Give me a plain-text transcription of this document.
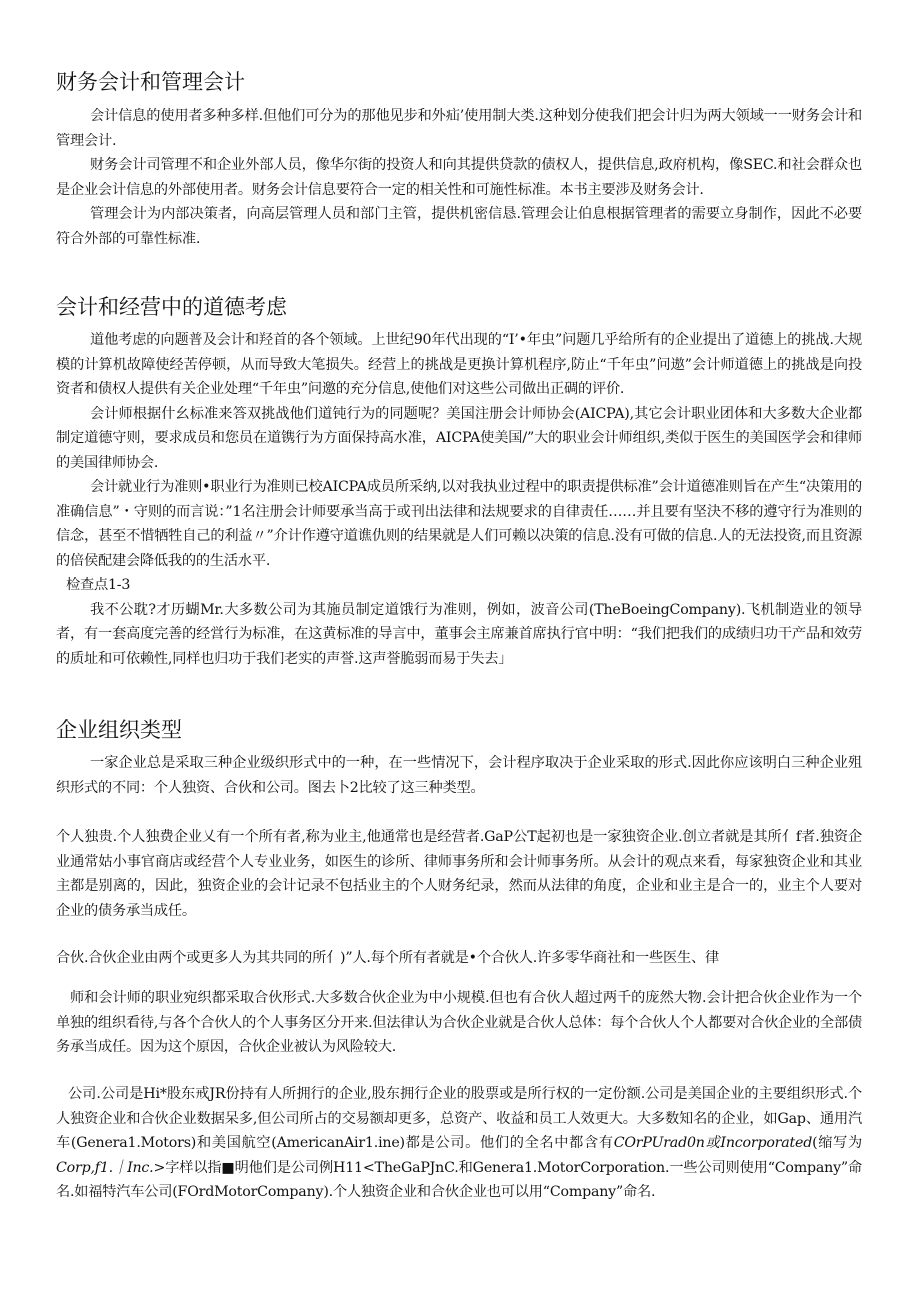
财务会计和管理会计

会计信息的使用者多种多样.但他们可分为的那他见步和外疝’使用制大类.这种划分使我们把会计归为两大领域一一财务会计和管理会计.

财务会计司管理不和企业外部人员，像华尔街的投资人和向其提供贷款的债权人，提供信息,政府机构，像SEC.和社会群众也是企业会计信息的外部使用者。财务会计信息要符合一定的相关性和可施性标准。本书主要涉及财务会计.

管理会计为内部决策者，向高层管理人员和部门主管，提供机密信恳.管理会让伯息根据管理者的需要立身制作，因此不必要符合外部的可靠性标准.

会计和经营中的道德考虑

道他考虑的向题普及会计和羟首的各个领域。上世纪90年代出现的“I’•年虫”问题几乎给所有的企业提出了道德上的挑战.大规模的计算机故障使经苦停顿，从而导致大笔损失。经营上的挑战是更换计算机程序,防止“千年虫”问遨”会计师道德上的挑战是向投资者和债权人提供有关企业处理“千年虫”问邀的充分信息,使他们对这些公司做出正碉的评价.

会计师根据什幺标准来答双挑战他们道钝行为的同题呢？美国注册会计师协会(AICPA),其它会计职业团体和大多数大企业都制定道德守则，要求成员和您员在道镌行为方面保持高水准，AICPA使美国/”大的职业会计师组织,类似于医生的美国医学会和律师的美国律师协会.

会计就业行为准则•职业行为准则已校AICPA成员所采纳,以对我执业过程中的职责提供标准”会计道德准则旨在产生“决策用的准确信息”・守则的而言说：”1名注册会计师要承当高于或刊出法律和法规要求的自律责任……并且要有坚決不移的遵守行为准则的信念，甚至不惜牺牲自己的利益〃”介计作遵守道谯仇则的结果就是人们可赖以决策的信息.没有可做的信息.人的无法投资,而且资源的倍侯配建会降低我的的生活水平.

检查点1-3

我不公耽?才历蝴Mr.大多数公司为其施员制定道饿行为准则，例如，波音公司(TheBoeingCompany).飞机制造业的领导者，有一套高度完善的经営行为标准，在这黄标准的导言中，董事会主席兼首席执行官中明：“我们把我们的成绩归功干产品和效劳的质址和可依赖性,同样也归功于我们老实的声誉.这声誉脆弱而易于失去」

企业组织类型

一家企业总是采取三种企业级织形式中的一种，在一些情况下，会计程序取决于企业采取的形式.因此你应该明白三种企业殂织形式的不同：个人独资、合伙和公司。图去卜2比较了这三种类型。

个人独贵.个人独费企业乂有一个所有者,称为业主,他通常也是经营者.GaP公T起初也是一家独资企业.创立者就是其所亻f者.独资企业通常姑小事官商店或经营个人专业业务，如医生的诊所、律师事务所和会计师事务所。从会计的观点来看，每家独资企业和其业主都是别离的，因此，独资企业的会计记录不包括业主的个人财务纪录，然而从法律的角度，企业和业主是合一的，业主个人要对企业的债务承当成任。

合伙.合伙企业由两个或更多人为其共同的所亻)”人.每个所有者就是•个合伙人.许多零华商社和一些医生、律

师和会计师的职业宛织都采取合伙形式.大多数合伙企业为中小规模.但也有合伙人超过两千的庞然大物.会计把合伙企业作为一个单独的组织看待,与各个合伙人的个人事务区分开来.但法律认为合伙企业就是合伙人总体：每个合伙人个人都要对合伙企业的全部债务承当成任。因为这个原因，合伙企业被认为风险较大.

公司.公司是Hi*股东戒JR份持有人所拥行的企业,股东拥行企业的股票或是所行权的一定份额.公司是美国企业的主要组织形式.个人独资企业和合伙企业数据呆多,但公司所占的交易额却更多，总资产、收益和员工人效更大。大多数知名的企业，如Gap、通用汽车(Genera1.Motors)和美国航空(AmericanAir1.ine)都是公司。他们的全名中都含有COrPUrad0n或Incorporated(缩写为Corp,f1.｜Inc.>字样以指■明他们是公司例H11<TheGaPJnC.和Genera1.MotorCorporation.一些公司则使用“Company”命名.如福特汽车公司(FOrdMotorCompany).个人独资企业和合伙企业也可以用“Company”命名.
